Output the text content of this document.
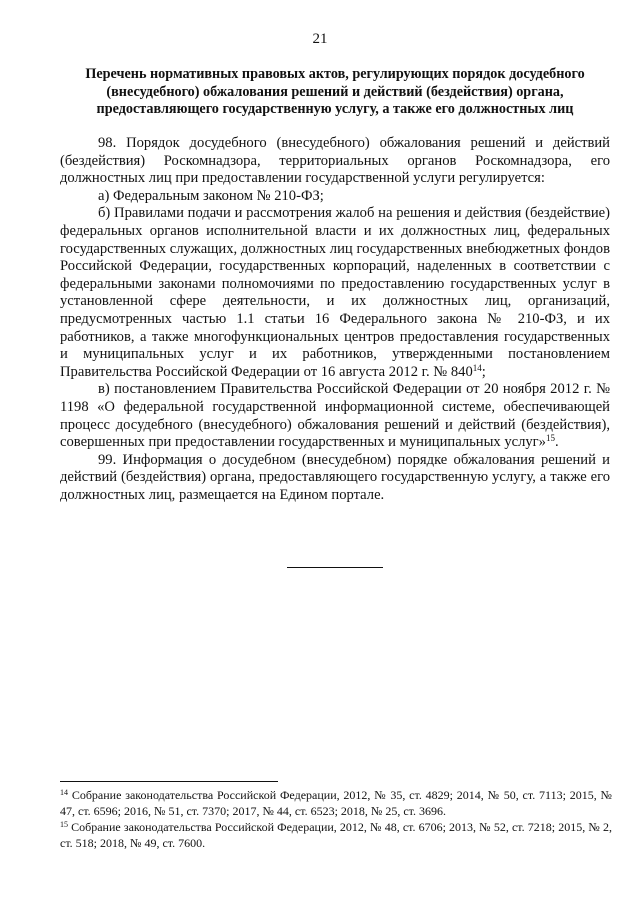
21
Перечень нормативных правовых актов, регулирующих порядок досудебного
(внесудебного) обжалования решений и действий (бездействия) органа,
предоставляющего государственную услугу, а также его должностных лиц

98. Порядок досудебного (внесудебного) обжалования решений и действий (бездействия) Роскомнадзора, территориальных органов Роскомнадзора, его должностных лиц при предоставлении государственной услуги регулируется:

а) Федеральным законом № 210-ФЗ;

б) Правилами подачи и рассмотрения жалоб на решения и действия (бездействие) федеральных органов исполнительной власти и их должностных лиц, федеральных государственных служащих, должностных лиц государственных внебюджетных фондов Российской Федерации, государственных корпораций, наделенных в соответствии с федеральными законами полномочиями по предоставлению государственных услуг в установленной сфере деятельности, и их должностных лиц, организаций, предусмотренных частью 1.1 статьи 16 Федерального закона № 210-ФЗ, и их работников, а также многофункциональных центров предоставления государственных и муниципальных услуг и их работников, утвержденными постановлением Правительства Российской Федерации от 16 августа 2012 г. № $840^{14}$;

в) постановлением Правительства Российской Федерации от 20 ноября 2012 г. № 1198 «О федеральной государственной информационной системе, обеспечивающей процесс досудебного (внесудебного) обжалования решений и действий (бездействия), совершенных при предоставлении государственных и муниципальных услуг»$^{15}$.

99. Информация о досудебном (внесудебном) порядке обжалования решений и действий (бездействия) органа, предоставляющего государственную услугу, а также его должностных лиц, размещается на Едином портале.

$^{14}$ Собрание законодательства Российской Федерации, 2012, № 35, ст. 4829; 2014, № 50, ст. 7113; 2015, № 47, ст. 6596; 2016, № 51, ст. 7370; 2017, № 44, ст. 6523; 2018, № 25, ст. 3696.

$^{15}$ Собрание законодательства Российской Федерации, 2012, № 48, ст. 6706; 2013, № 52, ст. 7218; 2015, № 2, ст. 518; 2018, № 49, ст. 7600.
